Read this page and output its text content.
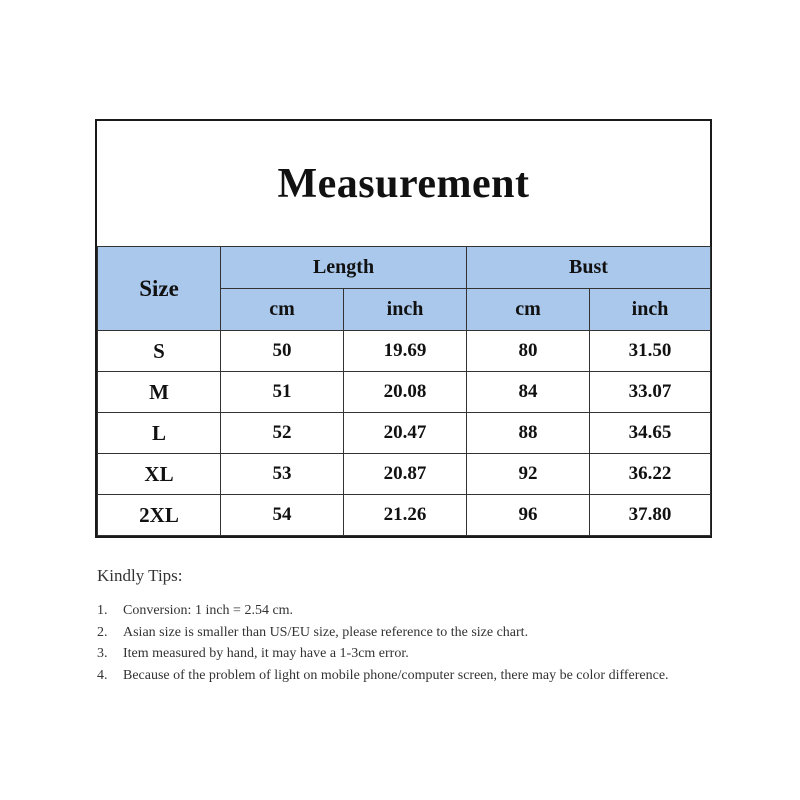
Measurement
Size	Length		Bust	
	cm	inch	cm	inch
S	50	19.69	80	31.50
M	51	20.08	84	33.07
L	52	20.47	88	34.65
XL	53	20.87	92	36.22
2XL	54	21.26	96	37.80
Kindly Tips:
1.	Conversion: 1 inch = 2.54 cm.
2.	Asian size is smaller than US/EU size, please reference to the size chart.
3.	Item measured by hand, it may have a 1-3cm error.
4.	Because of the problem of light on mobile phone/computer screen, there may be color difference.
